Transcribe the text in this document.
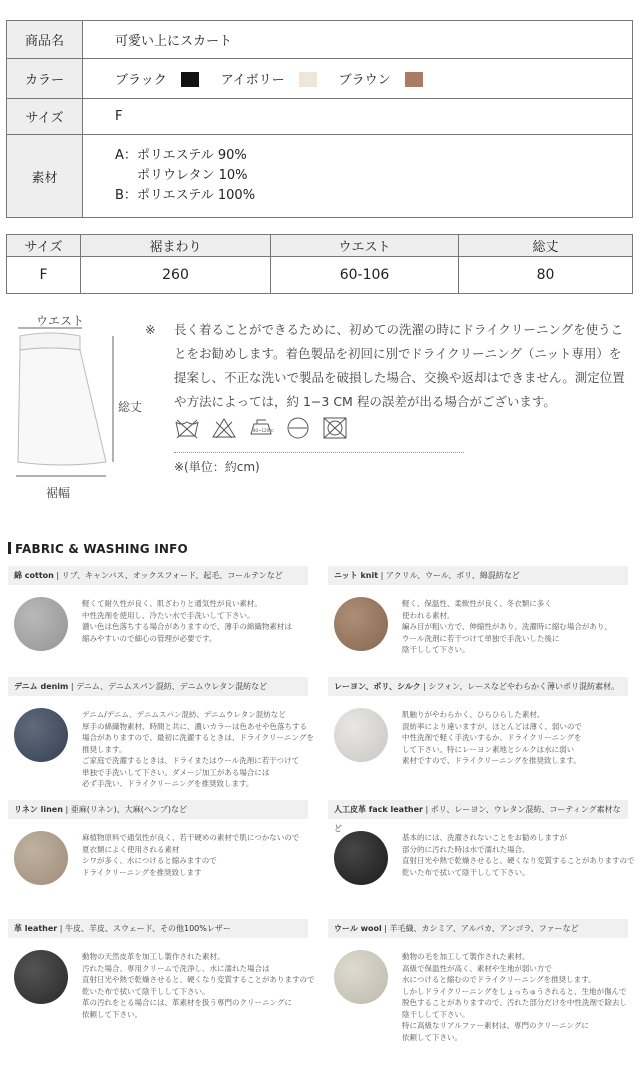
商品名	可愛い上にスカート
カラー	ブラック アイボリー ブラウン
サイズ	F
素材	A：ポリエステル 90%
ポリウレタン 10%
B：ポリエステル 100%
サイズ	裾まわり	ウエスト	総丈
F	260	60-106	80
ウエスト
総丈
裾幅
※ 長く着ることができるために、初めての洗濯の時にドライクリーニングを使うこ
とをお勧めします。着色製品を初回に別でドライクリーニング（ニット専用）を
提案し、不正な洗いで製品を破損した場合、交換や返却はできません。測定位置
や方法によっては，約 1−3 CM 程の誤差が出る場合がございます。

80~120℃

※(単位：約cm)
FABRIC & WASHING INFO
綿 cotton | リブ、キャンバス、オックスフォード、起毛、コールテンなど
軽くて耐久性が良く、肌ざわりと通気性が良い素材。
中性洗剤を使用し、冷たい水で手洗いして下さい。
濃い色は色落ちする場合がありますので、薄手の綿織物素材は
縮みやすいので細心の管理が必要です。
ニット knit | アクリル、ウール、ポリ、綿混紡など
軽く、保温性、柔軟性が良く、冬衣類に多く
使われる素材。
編み目が粗い方で、伸縮性があり、洗濯時に縮む場合があり、
ウール洗剤に若干つけて単独で手洗いした後に
陰干しして下さい。
デニム denim | デニム、デニムスパン混紡、デニムウレタン混紡など
デニム/デニム、デニムスパン混紡、デニムウレタン混紡など
厚手の綿織物素材、時間と共に、濃いカラーは色あせや色落ちする
場合がありますので、最初に洗濯するときは、ドライクリーニングを
推奨します。
ご家庭で洗濯するときは、ドライまたはウール洗剤に若干つけて
単独で手洗いして下さい。ダメージ加工がある場合には
必ず手洗い、ドライクリーニングを推奨致します。
レーヨン、ポリ、シルク | シフォン、レースなどやわらかく薄いポリ混紡素材。
肌触りがやわらかく、ひらひらした素材。
混紡率により違いますが、ほとんどは薄く、弱いので
中性洗剤で軽く手洗いするか、ドライクリーニングを
して下さい。特にレーヨン素地とシルクは水に弱い
素材ですので、ドライクリーニングを推奨致します。
リネン linen | 亜麻(リネン)、大麻(ヘンプ)など
麻植物原料で通気性が良く、若干硬めの素材で肌につかないので
夏衣類によく使用される素材
シワが多く、水につけると縮みますので
ドライクリーニングを推奨致します
人工皮革 fack leather | ポリ、レーヨン、ウレタン混紡、コーティング素材など
基本的には、洗濯されないことをお勧めしますが
部分的に汚れた時は水で濡れた場合、
直射日光や熱で乾燥させると、硬くなり変質することがありますので
乾いた布で拭いて陰干しして下さい。
革 leather | 牛皮、羊皮、スウェード、その他100%レザー
動物の天然皮革を加工し製作された素材。
汚れた場合、専用クリームで洗浄し、水に濡れた場合は
直射日光や熱で乾燥させると、硬くなり変質することがありますので
乾いた布で拭いて陰干しして下さい。
革の汚れをとる場合には、革素材を扱う専門のクリーニングに
依頼して下さい。
ウール wool | 羊毛織、カシミア、アルパカ、アンゴラ、ファーなど
動物の毛を加工して製作された素材。
高級で保温性が高く、素材や生地が弱い方で
水につけると縮むのでドライクリーニングを推奨します。
しかしドライクリーニングをしょっちゅうされると、生地が傷んで
脱色することがありますので、汚れた部分だけを中性洗剤で除去し
陰干しして下さい。
特に高級なリアルファー素材は、専門のクリーニングに
依頼して下さい。
